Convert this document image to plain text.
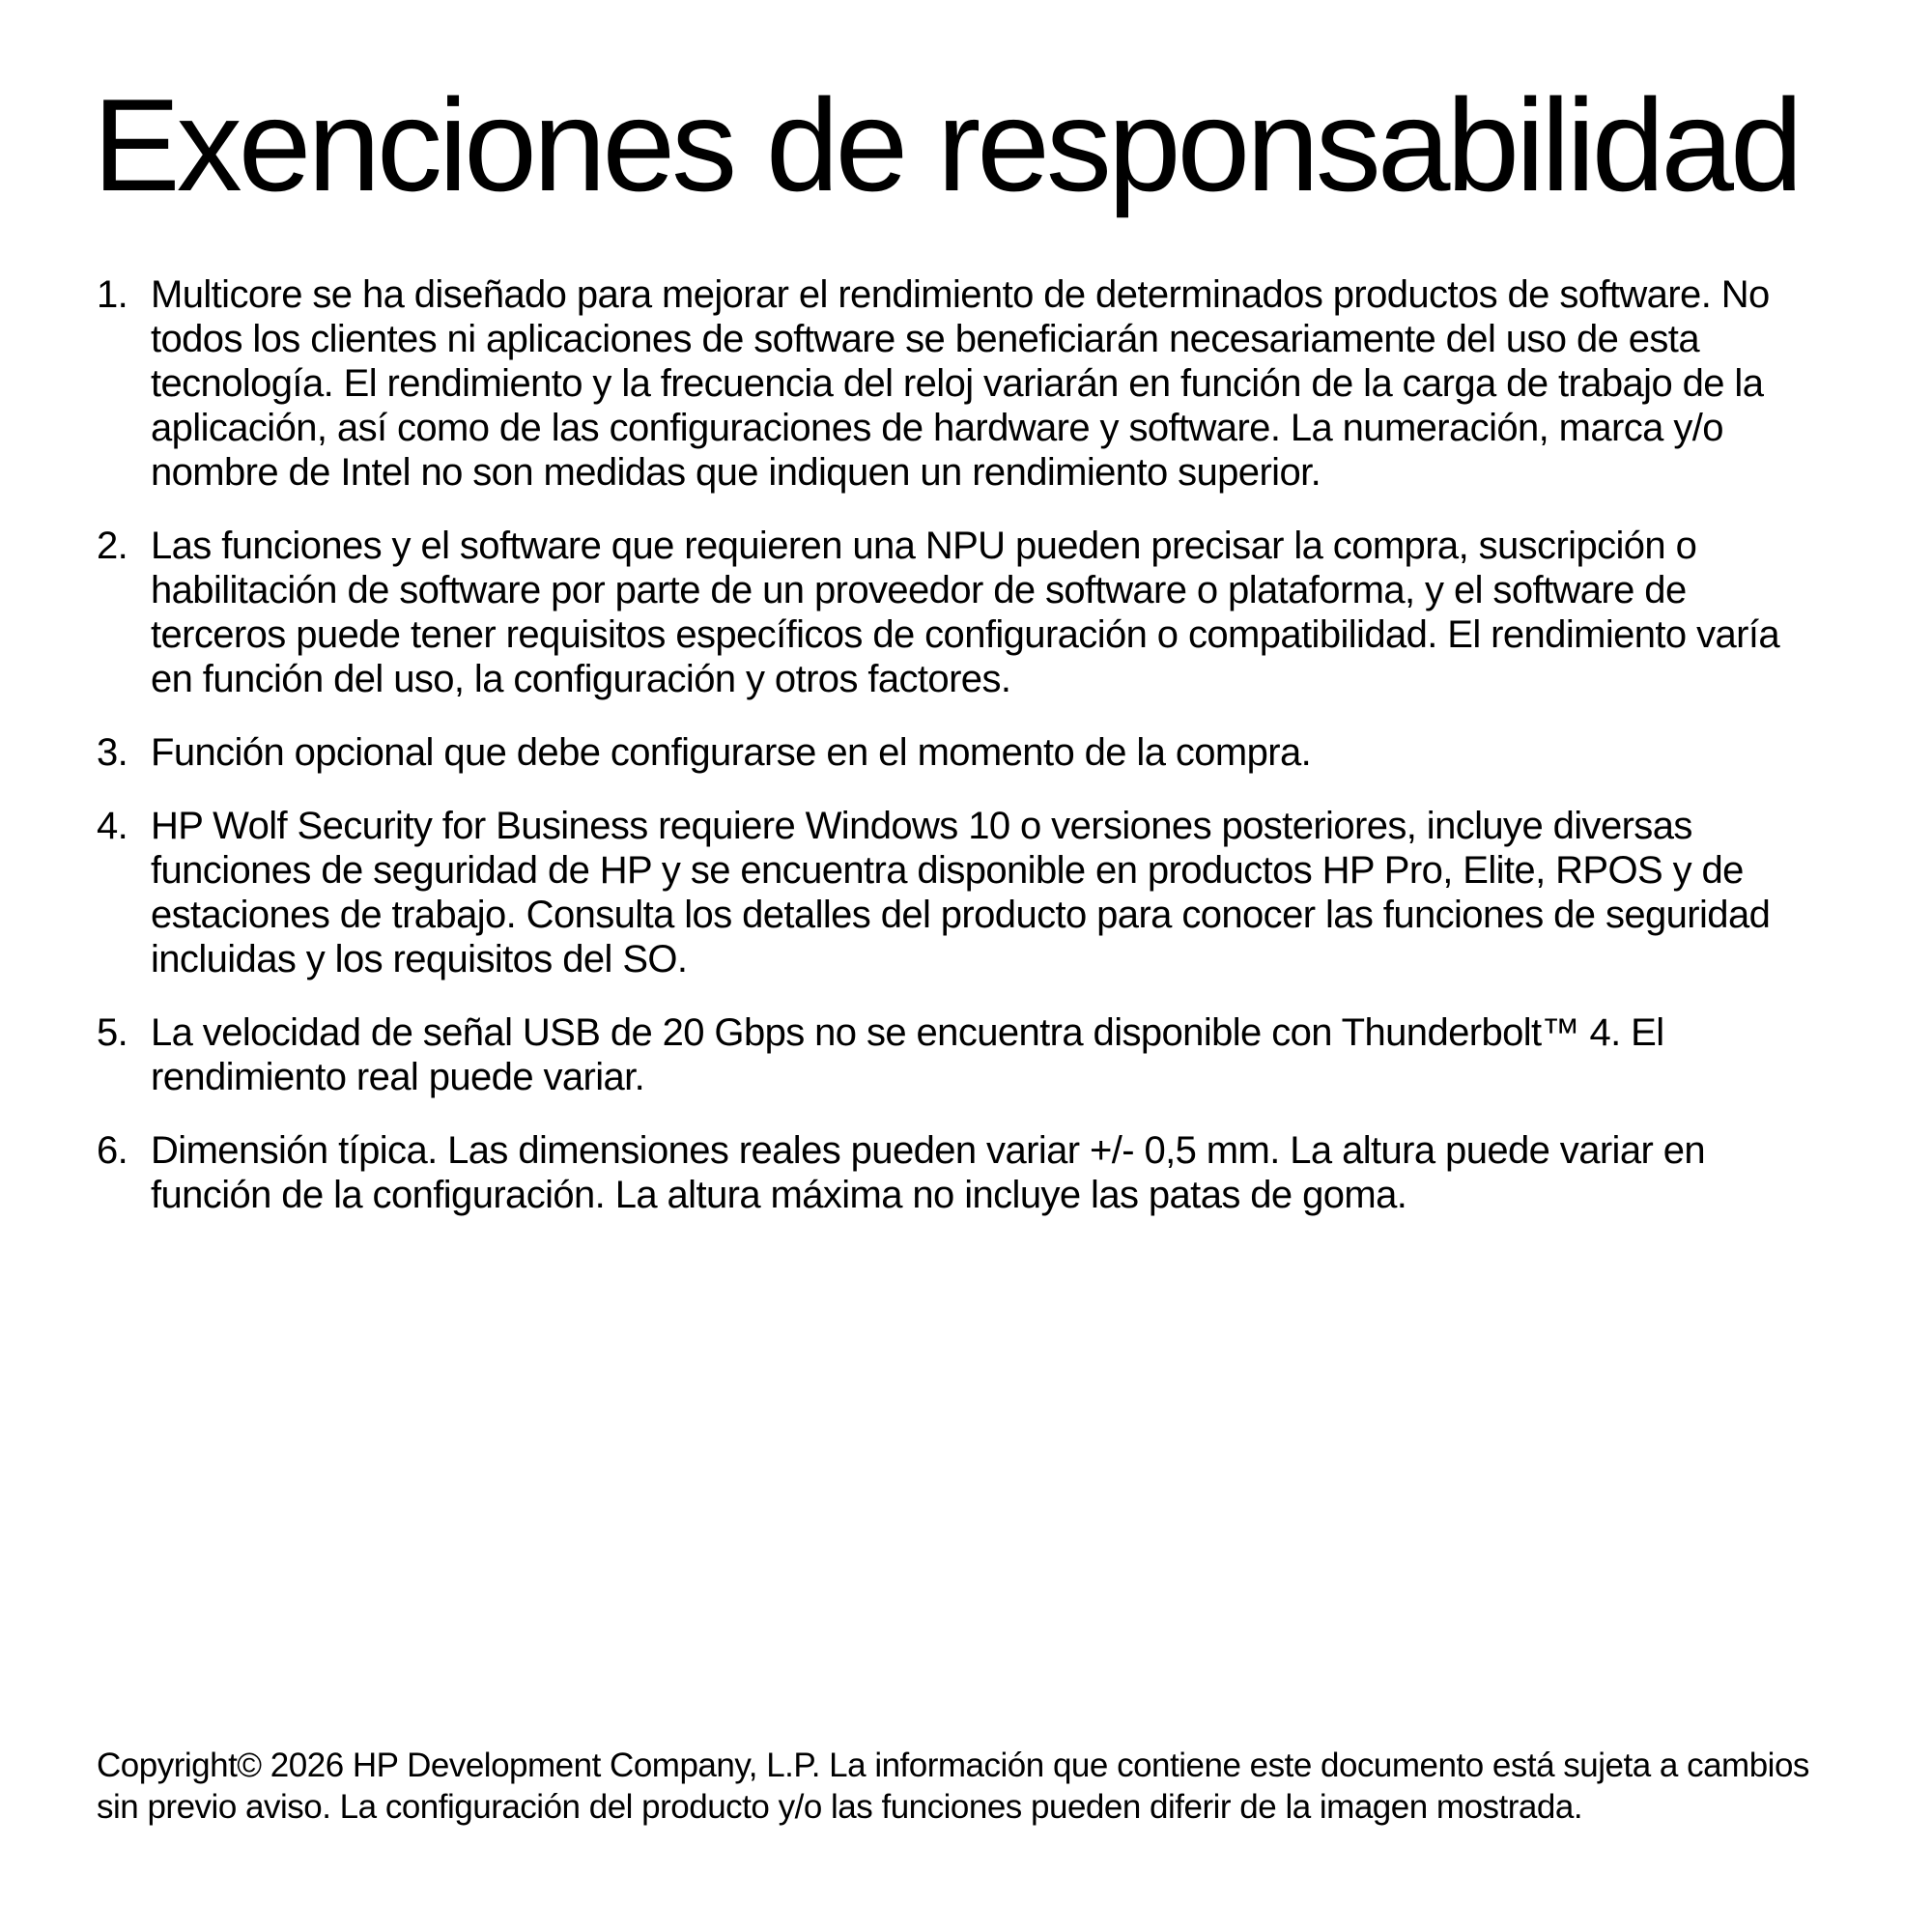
Exenciones de responsabilidad
1. Multicore se ha diseñado para mejorar el rendimiento de determinados productos de software. No todos los clientes ni aplicaciones de software se beneficiarán necesariamente del uso de esta tecnología. El rendimiento y la frecuencia del reloj variarán en función de la carga de trabajo de la aplicación, así como de las configuraciones de hardware y software. La numeración, marca y/o nombre de Intel no son medidas que indiquen un rendimiento superior.
2. Las funciones y el software que requieren una NPU pueden precisar la compra, suscripción o habilitación de software por parte de un proveedor de software o plataforma, y el software de terceros puede tener requisitos específicos de configuración o compatibilidad. El rendimiento varía en función del uso, la configuración y otros factores.
3. Función opcional que debe configurarse en el momento de la compra.
4. HP Wolf Security for Business requiere Windows 10 o versiones posteriores, incluye diversas funciones de seguridad de HP y se encuentra disponible en productos HP Pro, Elite, RPOS y de estaciones de trabajo. Consulta los detalles del producto para conocer las funciones de seguridad incluidas y los requisitos del SO.
5. La velocidad de señal USB de 20 Gbps no se encuentra disponible con Thunderbolt™ 4. El rendimiento real puede variar.
6. Dimensión típica. Las dimensiones reales pueden variar +/- 0,5 mm. La altura puede variar en función de la configuración. La altura máxima no incluye las patas de goma.

Copyright© 2026 HP Development Company, L.P. La información que contiene este documento está sujeta a cambios sin previo aviso. La configuración del producto y/o las funciones pueden diferir de la imagen mostrada.
